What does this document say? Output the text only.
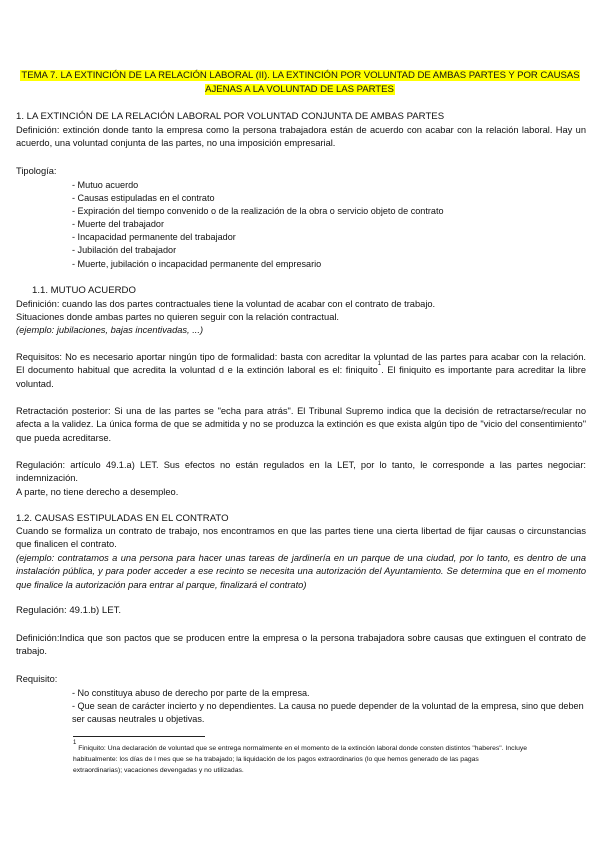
TEMA 7. LA EXTINCIÓN DE LA RELACIÓN LABORAL (II). LA EXTINCIÓN POR VOLUNTAD DE AMBAS PARTES Y POR CAUSAS AJENAS A LA VOLUNTAD DE LAS PARTES
1. LA EXTINCIÓN DE LA RELACIÓN LABORAL POR VOLUNTAD CONJUNTA DE AMBAS PARTES
Definición: extinción donde tanto la empresa como la persona trabajadora están de acuerdo con acabar con la relación laboral. Hay un acuerdo, una voluntad conjunta de las partes, no una imposición empresarial.
Tipología:
- Mutuo acuerdo
- Causas estipuladas en el contrato
- Expiración del tiempo convenido o de la realización de la obra o servicio objeto de contrato
- Muerte del trabajador
- Incapacidad permanente del trabajador
- Jubilación del trabajador
- Muerte, jubilación o incapacidad permanente del empresario
1.1. MUTUO ACUERDO
Definición: cuando las dos partes contractuales tiene la voluntad de acabar con el contrato de trabajo.
Situaciones donde ambas partes no quieren seguir con la relación contractual.
(ejemplo: jubilaciones, bajas incentivadas, ...)
Requisitos: No es necesario aportar ningún tipo de formalidad: basta con acreditar la voluntad de las partes para acabar con la relación. El documento habitual que acredita la voluntad d e la extinción laboral es el: finiquito$^1$. El finiquito es importante para acreditar la libre voluntad.
Retractación posterior: Si una de las partes se "echa para atrás". El Tribunal Supremo indica que la decisión de retractarse/recular no afecta a la validez. La única forma de que se admitida y no se produzca la extinción es que exista algún tipo de "vicio del consentimiento" que pueda acreditarse.
Regulación: artículo 49.1.a) LET. Sus efectos no están regulados en la LET, por lo tanto, le corresponde a las partes negociar: indemnización.
A parte, no tiene derecho a desempleo.
1.2. CAUSAS ESTIPULADAS EN EL CONTRATO
Cuando se formaliza un contrato de trabajo, nos encontramos en que las partes tiene una cierta libertad de fijar causas o circunstancias que finalicen el contrato.
(ejemplo: contratamos a una persona para hacer unas tareas de jardinería en un parque de una ciudad, por lo tanto, es dentro de una instalación pública, y para poder acceder a ese recinto se necesita una autorización del Ayuntamiento. Se determina que en el momento que finalice la autorización para entrar al parque, finalizará el contrato)
Regulación: 49.1.b) LET.
Definición:Indica que son pactos que se producen entre la empresa o la persona trabajadora sobre causas que extinguen el contrato de trabajo.
Requisito:
- No constituya abuso de derecho por parte de la empresa.
- Que sean de carácter incierto y no dependientes. La causa no puede depender de la voluntad de la empresa, sino que deben ser causas neutrales u objetivas.
$^1$ Finiquito: Una declaración de voluntad que se entrega normalmente en el momento de la extinción laboral donde consten distintos "haberes". Incluye habitualmente: los días de l mes que se ha trabajado; la liquidación de los pagos extraordinarios (lo que hemos generado de las pagas extraordinarias); vacaciones devengadas y no utilizadas.
